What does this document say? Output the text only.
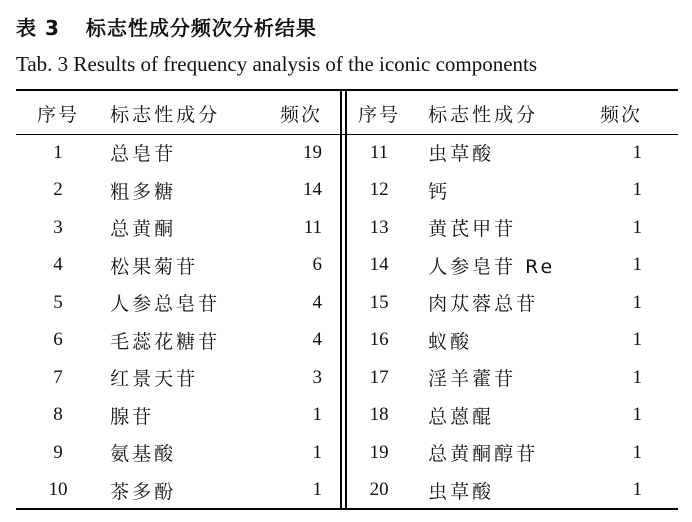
表 3 标志性成分频次分析结果
Tab. 3 Results of frequency analysis of the iconic components
序号	标志性成分	频次
1	总皂苷	19
2	粗多糖	14
3	总黄酮	11
4	松果菊苷	6
5	人参总皂苷	4
6	毛蕊花糖苷	4
7	红景天苷	3
8	腺苷	1
9	氨基酸	1
10	茶多酚	1
序号	标志性成分	频次
11	虫草酸	1
12	钙	1
13	黄芪甲苷	1
14	人参皂苷 Re	1
15	肉苁蓉总苷	1
16	蚁酸	1
17	淫羊藿苷	1
18	总蒽醌	1
19	总黄酮醇苷	1
20	虫草酸	1
